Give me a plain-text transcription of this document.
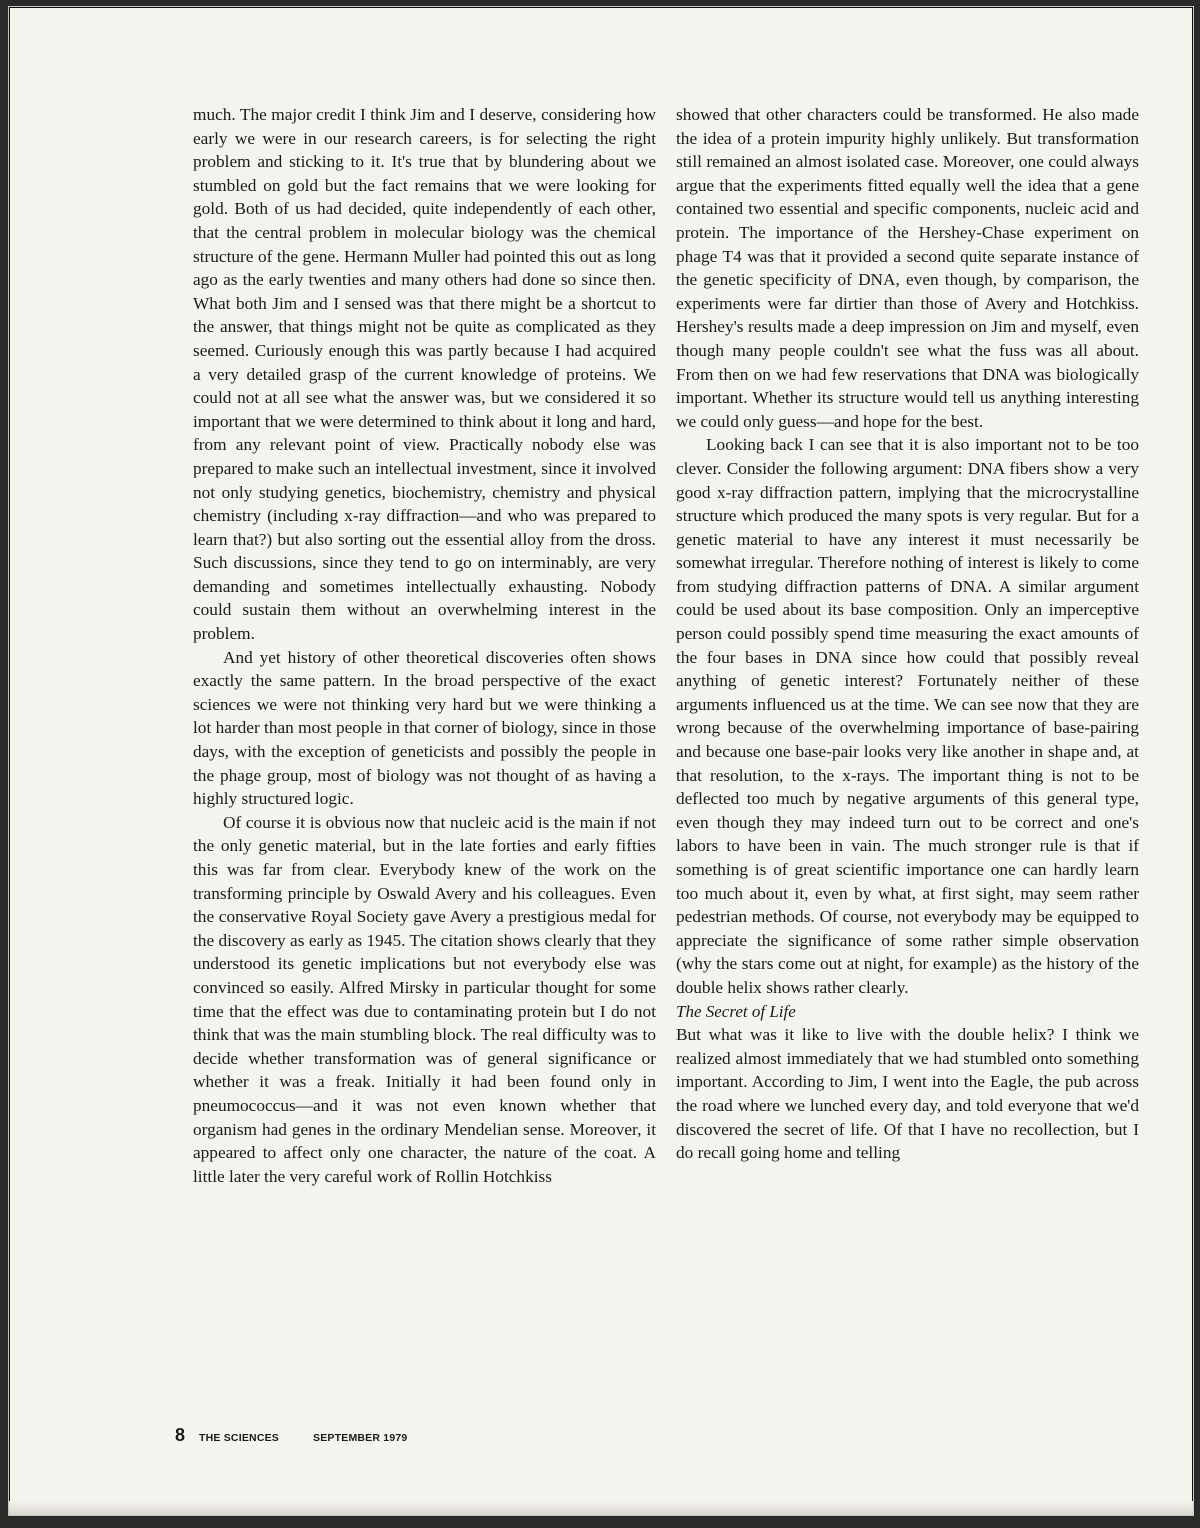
much. The major credit I think Jim and I deserve, considering how early we were in our research careers, is for selecting the right problem and sticking to it. It's true that by blundering about we stumbled on gold but the fact remains that we were looking for gold. Both of us had decided, quite independently of each other, that the central problem in molecular biology was the chemical structure of the gene. Hermann Muller had pointed this out as long ago as the early twenties and many others had done so since then. What both Jim and I sensed was that there might be a shortcut to the answer, that things might not be quite as complicated as they seemed. Curiously enough this was partly because I had acquired a very detailed grasp of the current knowledge of proteins. We could not at all see what the answer was, but we considered it so important that we were determined to think about it long and hard, from any relevant point of view. Practically nobody else was prepared to make such an intellectual investment, since it involved not only studying genetics, biochemistry, chemistry and physical chemistry (including x-ray diffraction—and who was prepared to learn that?) but also sorting out the essential alloy from the dross. Such discussions, since they tend to go on interminably, are very demanding and sometimes intellectually exhausting. Nobody could sustain them without an overwhelming interest in the problem.

And yet history of other theoretical discoveries often shows exactly the same pattern. In the broad perspective of the exact sciences we were not thinking very hard but we were thinking a lot harder than most people in that corner of biology, since in those days, with the exception of geneticists and possibly the people in the phage group, most of biology was not thought of as having a highly structured logic.

Of course it is obvious now that nucleic acid is the main if not the only genetic material, but in the late forties and early fifties this was far from clear. Everybody knew of the work on the transforming principle by Oswald Avery and his colleagues. Even the conservative Royal Society gave Avery a prestigious medal for the discovery as early as 1945. The citation shows clearly that they understood its genetic implications but not everybody else was convinced so easily. Alfred Mirsky in particular thought for some time that the effect was due to contaminating protein but I do not think that was the main stumbling block. The real difficulty was to decide whether transformation was of general significance or whether it was a freak. Initially it had been found only in pneumococcus—and it was not even known whether that organism had genes in the ordinary Mendelian sense. Moreover, it appeared to affect only one character, the nature of the coat. A little later the very careful work of Rollin Hotchkiss

showed that other characters could be transformed. He also made the idea of a protein impurity highly unlikely. But transformation still remained an almost isolated case. Moreover, one could always argue that the experiments fitted equally well the idea that a gene contained two essential and specific components, nucleic acid and protein. The importance of the Hershey-Chase experiment on phage T4 was that it provided a second quite separate instance of the genetic specificity of DNA, even though, by comparison, the experiments were far dirtier than those of Avery and Hotchkiss. Hershey's results made a deep impression on Jim and myself, even though many people couldn't see what the fuss was all about. From then on we had few reservations that DNA was biologically important. Whether its structure would tell us anything interesting we could only guess—and hope for the best.

Looking back I can see that it is also important not to be too clever. Consider the following argument: DNA fibers show a very good x-ray diffraction pattern, implying that the microcrystalline structure which produced the many spots is very regular. But for a genetic material to have any interest it must necessarily be somewhat irregular. Therefore nothing of interest is likely to come from studying diffraction patterns of DNA. A similar argument could be used about its base composition. Only an imperceptive person could possibly spend time measuring the exact amounts of the four bases in DNA since how could that possibly reveal anything of genetic interest? Fortunately neither of these arguments influenced us at the time. We can see now that they are wrong because of the overwhelming importance of base-pairing and because one base-pair looks very like another in shape and, at that resolution, to the x-rays. The important thing is not to be deflected too much by negative arguments of this general type, even though they may indeed turn out to be correct and one's labors to have been in vain. The much stronger rule is that if something is of great scientific importance one can hardly learn too much about it, even by what, at first sight, may seem rather pedestrian methods. Of course, not everybody may be equipped to appreciate the significance of some rather simple observation (why the stars come out at night, for example) as the history of the double helix shows rather clearly.

The Secret of Life

But what was it like to live with the double helix? I think we realized almost immediately that we had stumbled onto something important. According to Jim, I went into the Eagle, the pub across the road where we lunched every day, and told everyone that we'd discovered the secret of life. Of that I have no recollection, but I do recall going home and telling

8 THE SCIENCES	SEPTEMBER 1979
